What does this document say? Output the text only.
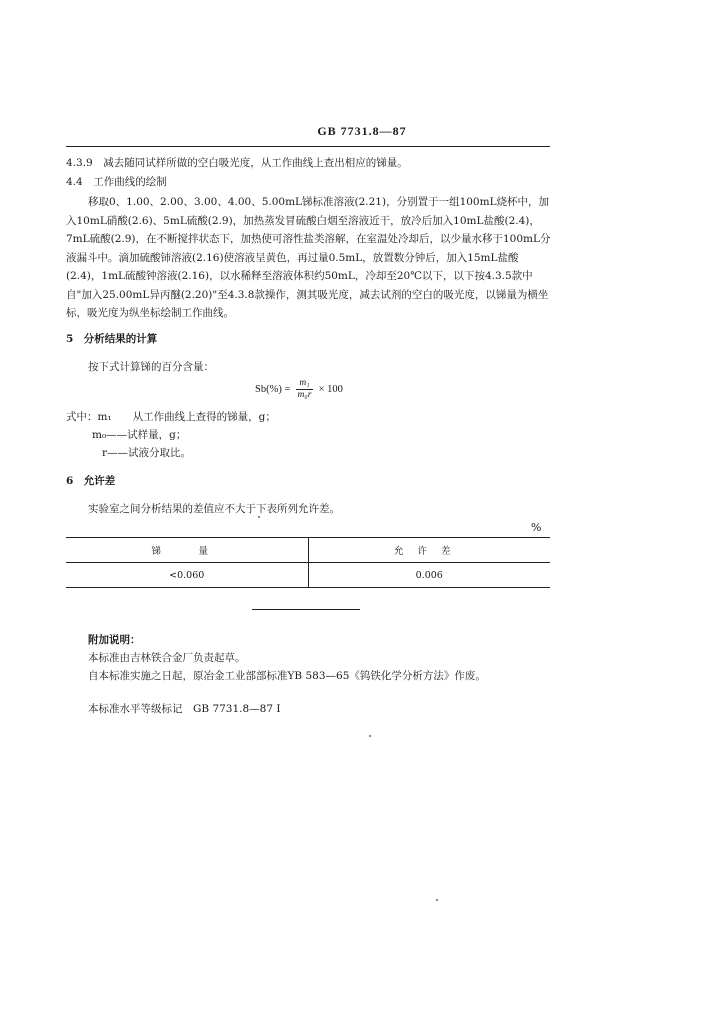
GB 7731.8—87
4.3.9　减去随同试样所做的空白吸光度，从工作曲线上查出相应的锑量。
4.4　工作曲线的绘制

移取0、1.00、2.00、3.00、4.00、5.00mL锑标准溶液(2.21)，分别置于一组100mL烧杯中，加入10mL硝酸(2.6)、5mL硫酸(2.9)，加热蒸发冒硫酸白烟至溶液近干，放冷后加入10mL盐酸(2.4)，7mL硫酸(2.9)，在不断搅拌状态下，加热使可溶性盐类溶解，在室温处冷却后，以少量水移于100mL分液漏斗中。滴加硫酸铈溶液(2.16)使溶液呈黄色，再过量0.5mL，放置数分钟后，加入15mL盐酸(2.4)，1mL硫酸钟溶液(2.16)，以水稀释至溶液体积约50mL，冷却至20℃以下，以下按4.3.5款中自"加入25.00mL异丙醚(2.20)"至4.3.8款操作，测其吸光度，减去试剂的空白的吸光度，以锑量为横坐标，吸光度为纵坐标绘制工作曲线。

5　分析结果的计算
按下式计算锑的百分含量：
$Sb(\%) = \frac{\text{m₁}}{\text{m₀r}} \times 100$
式中：m₁　　从工作曲线上查得的锑量，g；
m₀——试样量，g；
r——试液分取比。
6　允许差
实验室之间分析结果的差值应不大于下表所列允许差。
%
锑　量	允许差
<0.060	0.006
附加说明：
本标准由吉林铁合金厂负责起草。
自本标准实施之日起，原冶金工业部部标准YB 583—65《钨铁化学分析方法》作废。
本标准水平等级标记　GB 7731.8—87 I
